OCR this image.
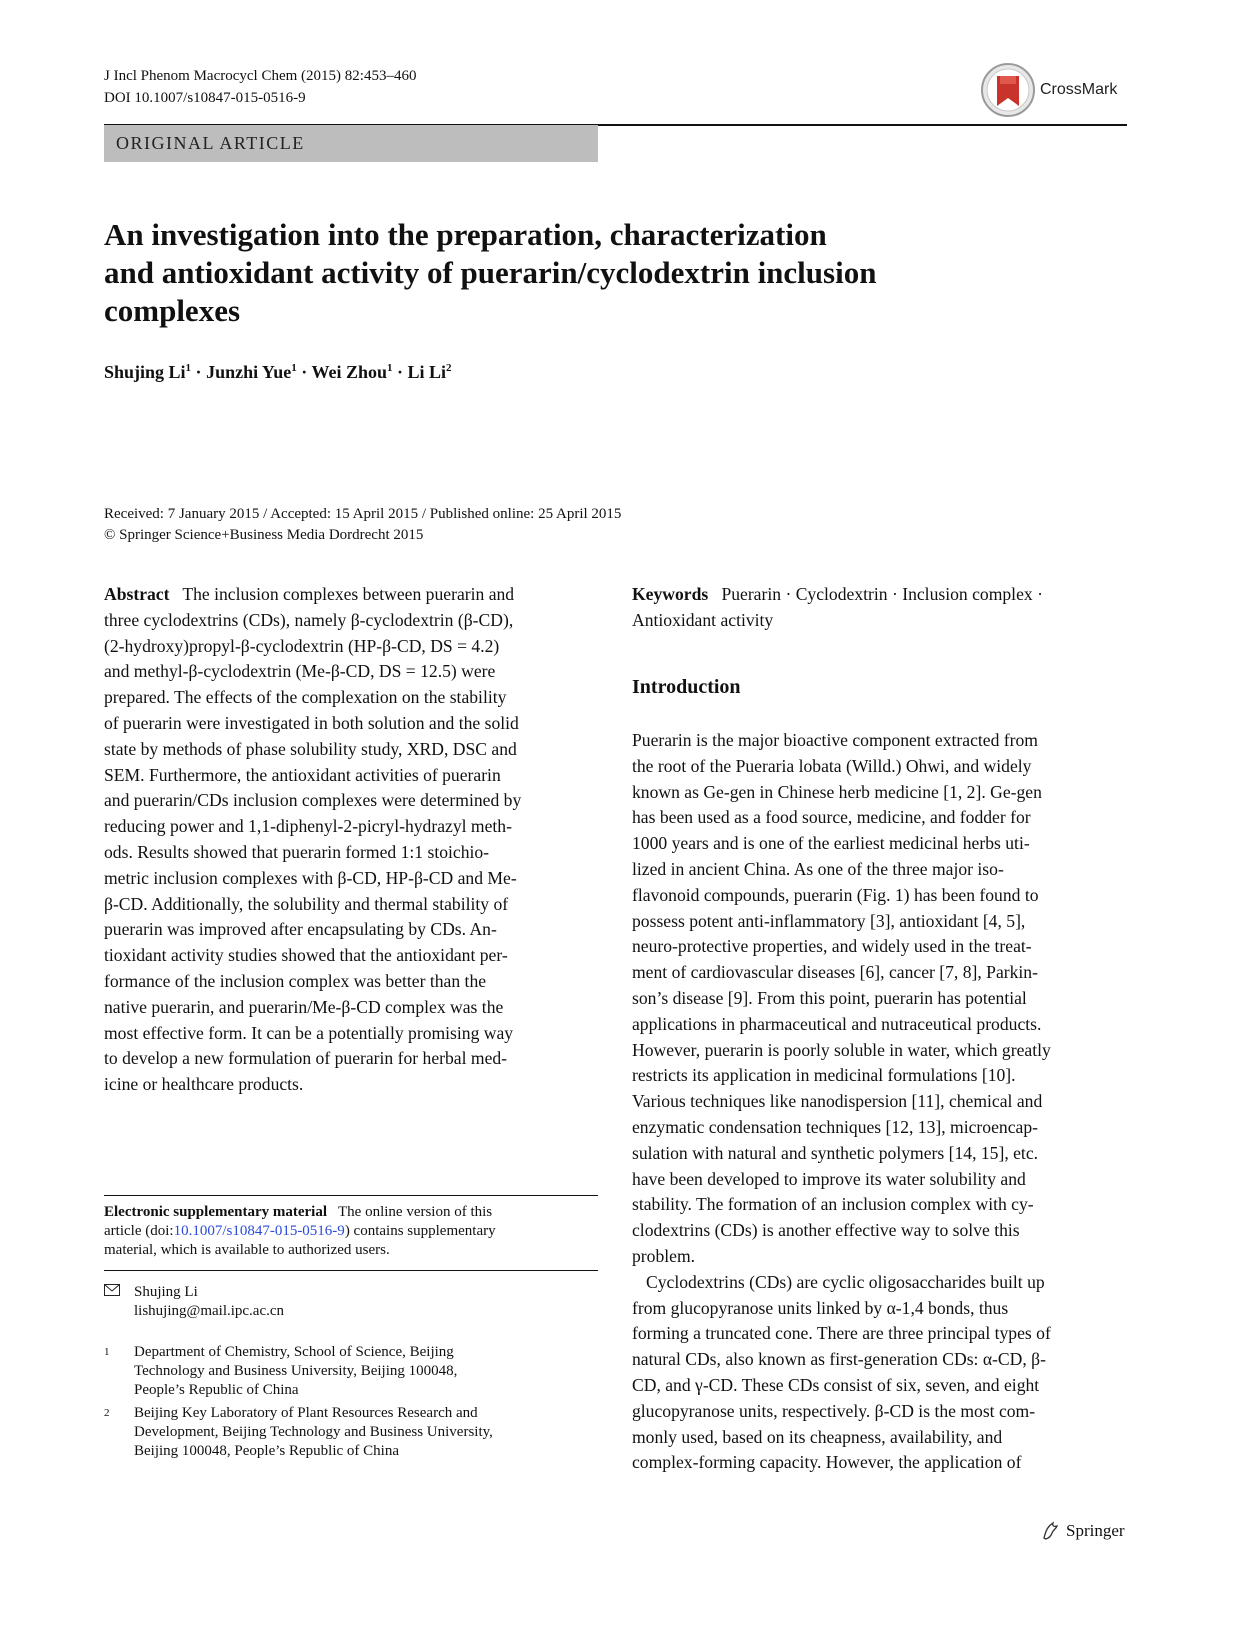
J Incl Phenom Macrocycl Chem (2015) 82:453–460
DOI 10.1007/s10847-015-0516-9	CrossMark
ORIGINAL ARTICLE
An investigation into the preparation, characterization
and antioxidant activity of puerarin/cyclodextrin inclusion
complexes
Shujing $Li^1$ · Junzhi Yue$^1$ · Wei Zhou$^1$ · Li Li$^2$
Received: 7 January 2015 / Accepted: 15 April 2015 / Published online: 25 April 2015
© Springer Science+Business Media Dordrecht 2015
Abstract The inclusion complexes between puerarin and
three cyclodextrins (CDs), namely β-cyclodextrin (β-CD),
(2-hydroxy)propyl-β-cyclodextrin (HP-β-CD, DS = 4.2)
and methyl-β-cyclodextrin (Me-β-CD, DS = 12.5) were
prepared. The effects of the complexation on the stability
of puerarin were investigated in both solution and the solid
state by methods of phase solubility study, XRD, DSC and
SEM. Furthermore, the antioxidant activities of puerarin
and puerarin/CDs inclusion complexes were determined by
reducing power and 1,1-diphenyl-2-picryl-hydrazyl meth-
ods. Results showed that puerarin formed 1:1 stoichio-
metric inclusion complexes with β-CD, HP-β-CD and Me-
β-CD. Additionally, the solubility and thermal stability of
puerarin was improved after encapsulating by CDs. An-
tioxidant activity studies showed that the antioxidant per-
formance of the inclusion complex was better than the
native puerarin, and puerarin/Me-β-CD complex was the
most effective form. It can be a potentially promising way
to develop a new formulation of puerarin for herbal med-
icine or healthcare products.
Electronic supplementary material The online version of this
article (doi:10.1007/s10847-015-0516-9) contains supplementary
material, which is available to authorized users.
Shujing Li
lishujing@mail.ipc.ac.cn
1	Department of Chemistry, School of Science, Beijing
Technology and Business University, Beijing 100048,
People’s Republic of China
2	Beijing Key Laboratory of Plant Resources Research and
Development, Beijing Technology and Business University,
Beijing 100048, People’s Republic of China
Keywords Puerarin · Cyclodextrin · Inclusion complex ·
Antioxidant activity
Introduction
Puerarin is the major bioactive component extracted from
the root of the Pueraria lobata (Willd.) Ohwi, and widely
known as Ge-gen in Chinese herb medicine [1, 2]. Ge-gen
has been used as a food source, medicine, and fodder for
1000 years and is one of the earliest medicinal herbs uti-
lized in ancient China. As one of the three major iso-
flavonoid compounds, puerarin (Fig. 1) has been found to
possess potent anti-inflammatory [3], antioxidant [4, 5],
neuro-protective properties, and widely used in the treat-
ment of cardiovascular diseases [6], cancer [7, 8], Parkin-
son’s disease [9]. From this point, puerarin has potential
applications in pharmaceutical and nutraceutical products.
However, puerarin is poorly soluble in water, which greatly
restricts its application in medicinal formulations [10].
Various techniques like nanodispersion [11], chemical and
enzymatic condensation techniques [12, 13], microencap-
sulation with natural and synthetic polymers [14, 15], etc.
have been developed to improve its water solubility and
stability. The formation of an inclusion complex with cy-
clodextrins (CDs) is another effective way to solve this
problem.
Cyclodextrins (CDs) are cyclic oligosaccharides built up
from glucopyranose units linked by α-1,4 bonds, thus
forming a truncated cone. There are three principal types of
natural CDs, also known as first-generation CDs: α-CD, β-
CD, and γ-CD. These CDs consist of six, seven, and eight
glucopyranose units, respectively. β-CD is the most com-
monly used, based on its cheapness, availability, and
complex-forming capacity. However, the application of
Springer
